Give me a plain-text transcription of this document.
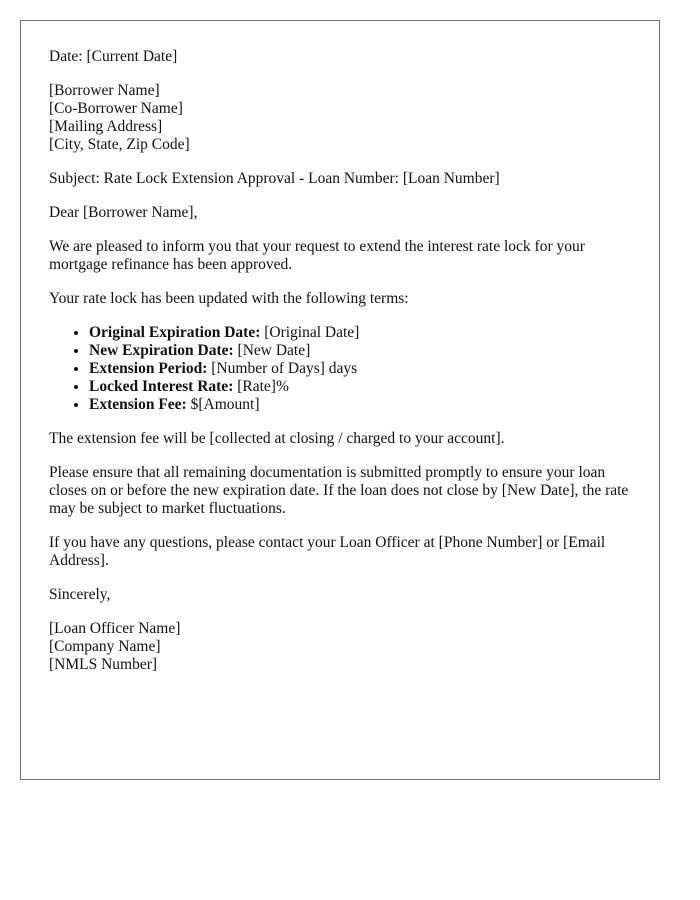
Date: [Current Date]

[Borrower Name]

[Co-Borrower Name]

[Mailing Address]

[City, State, Zip Code]

Subject: Rate Lock Extension Approval - Loan Number: [Loan Number]

Dear [Borrower Name],

We are pleased to inform you that your request to extend the interest rate lock for your mortgage refinance has been approved.

Your rate lock has been updated with the following terms:

• Original Expiration Date: [Original Date]
• New Expiration Date: [New Date]
• Extension Period: [Number of Days] days
• Locked Interest Rate: [Rate]%
• Extension Fee: $[Amount]

The extension fee will be [collected at closing / charged to your account].

Please ensure that all remaining documentation is submitted promptly to ensure your loan closes on or before the new expiration date. If the loan does not close by [New Date], the rate may be subject to market fluctuations.

If you have any questions, please contact your Loan Officer at [Phone Number] or [Email Address].

Sincerely,

[Loan Officer Name]

[Company Name]

[NMLS Number]
